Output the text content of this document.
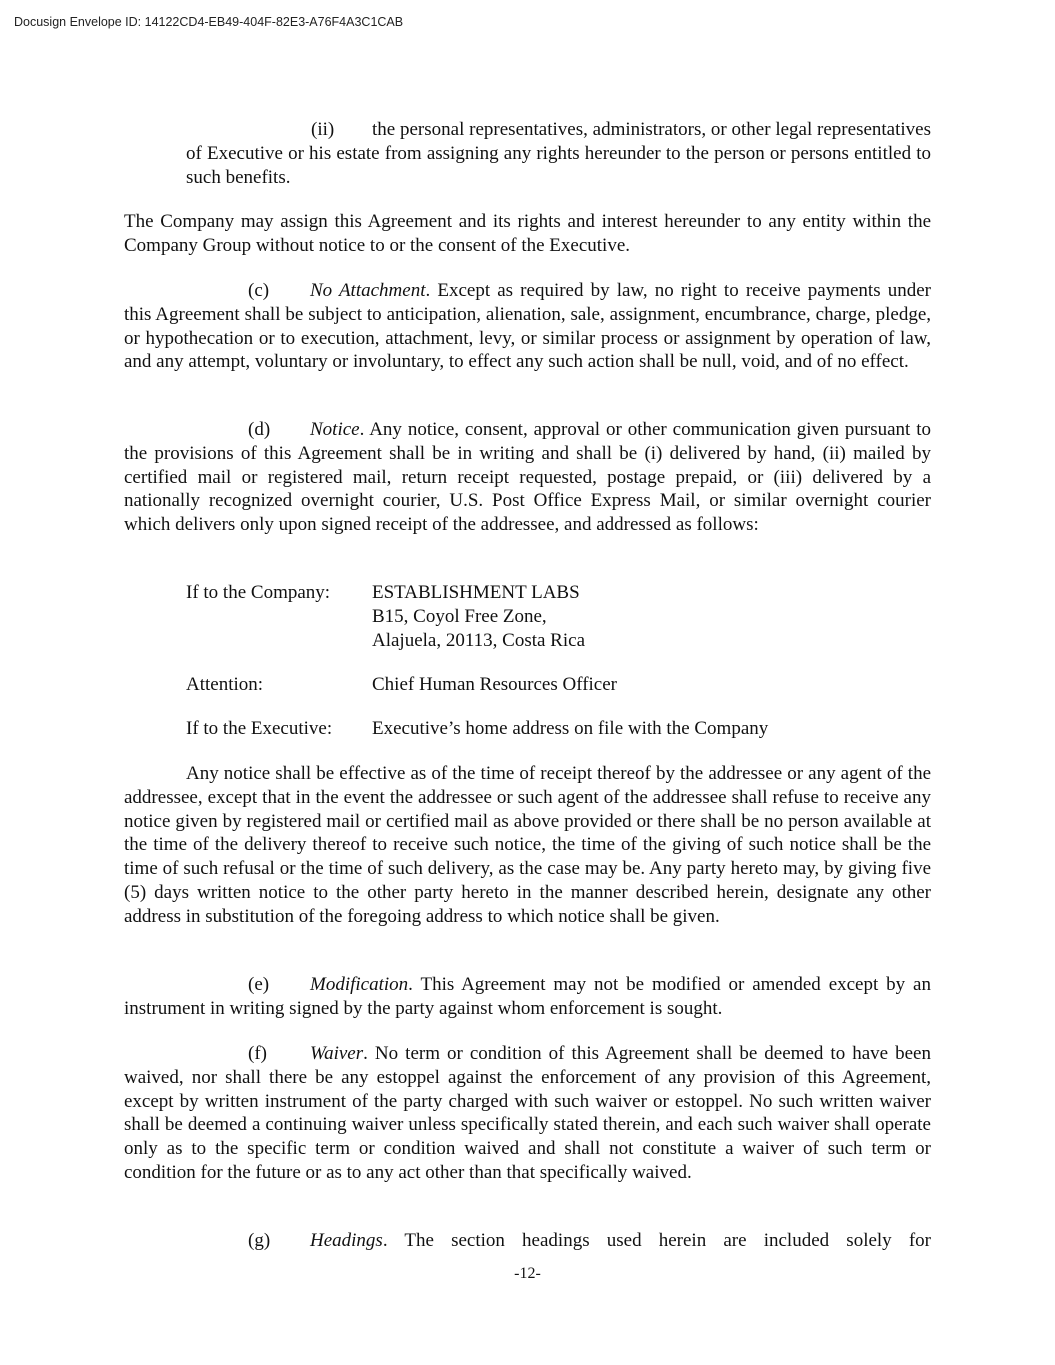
Docusign Envelope ID: 14122CD4-EB49-404F-82E3-A76F4A3C1CAB
(ii) the personal representatives, administrators, or other legal representatives of Executive or his estate from assigning any rights hereunder to the person or persons entitled to such benefits.
The Company may assign this Agreement and its rights and interest hereunder to any entity within the Company Group without notice to or the consent of the Executive.
(c) No Attachment. Except as required by law, no right to receive payments under this Agreement shall be subject to anticipation, alienation, sale, assignment, encumbrance, charge, pledge, or hypothecation or to execution, attachment, levy, or similar process or assignment by operation of law, and any attempt, voluntary or involuntary, to effect any such action shall be null, void, and of no effect.
(d) Notice. Any notice, consent, approval or other communication given pursuant to the provisions of this Agreement shall be in writing and shall be (i) delivered by hand, (ii) mailed by certified mail or registered mail, return receipt requested, postage prepaid, or (iii) delivered by a nationally recognized overnight courier, U.S. Post Office Express Mail, or similar overnight courier which delivers only upon signed receipt of the addressee, and addressed as follows:
If to the Company: ESTABLISHMENT LABS
B15, Coyol Free Zone,
Alajuela, 20113, Costa Rica
Attention:	Chief Human Resources Officer
If to the Executive: Executive’s home address on file with the Company
Any notice shall be effective as of the time of receipt thereof by the addressee or any agent of the addressee, except that in the event the addressee or such agent of the addressee shall refuse to receive any notice given by registered mail or certified mail as above provided or there shall be no person available at the time of the delivery thereof to receive such notice, the time of the giving of such notice shall be the time of such refusal or the time of such delivery, as the case may be. Any party hereto may, by giving five (5) days written notice to the other party hereto in the manner described herein, designate any other address in substitution of the foregoing address to which notice shall be given.
(e) Modification. This Agreement may not be modified or amended except by an instrument in writing signed by the party against whom enforcement is sought.
(f) Waiver. No term or condition of this Agreement shall be deemed to have been waived, nor shall there be any estoppel against the enforcement of any provision of this Agreement, except by written instrument of the party charged with such waiver or estoppel. No such written waiver shall be deemed a continuing waiver unless specifically stated therein, and each such waiver shall operate only as to the specific term or condition waived and shall not constitute a waiver of such term or condition for the future or as to any act other than that specifically waived.
(g) Headings. The section headings used herein are included solely for
-12-
